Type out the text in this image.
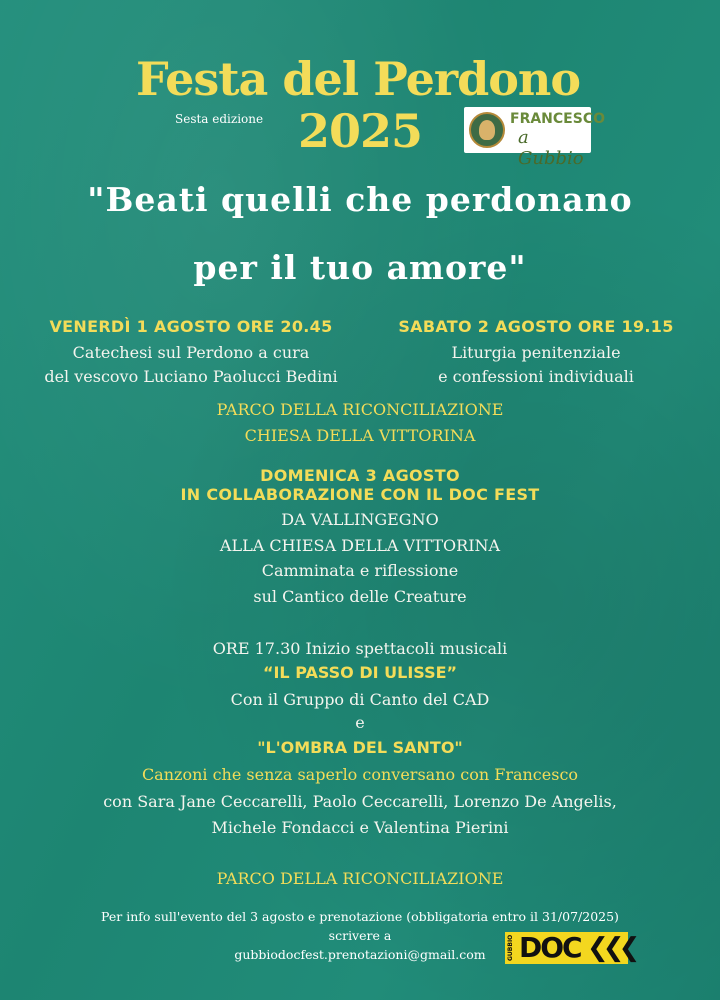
Festa del Perdono
Sesta edizione 2025	FRANCESCO
a Gubbio
"Beati quelli che perdonano
per il tuo amore"
VENERDÌ 1 AGOSTO ORE 20.45
Catechesi sul Perdono a cura
del vescovo Luciano Paolucci Bedini
SABATO 2 AGOSTO ORE 19.15
Liturgia penitenziale
e confessioni individuali
PARCO DELLA RICONCILIAZIONE
CHIESA DELLA VITTORINA
DOMENICA 3 AGOSTO
IN COLLABORAZIONE CON IL DOC FEST
DA VALLINGEGNO
ALLA CHIESA DELLA VITTORINA
Camminata e riflessione
sul Cantico delle Creature
ORE 17.30 Inizio spettacoli musicali
“IL PASSO DI ULISSE”
Con il Gruppo di Canto del CAD
e
"L'OMBRA DEL SANTO"
Canzoni che senza saperlo conversano con Francesco
con Sara Jane Ceccarelli, Paolo Ceccarelli, Lorenzo De Angelis,
Michele Fondacci e Valentina Pierini
PARCO DELLA RICONCILIAZIONE
Per info sull'evento del 3 agosto e prenotazione (obbligatoria entro il 31/07/2025)
scrivere a
gubbiodocfest.prenotazioni@gmail.com	GUBBIO DOC ❮❮❮
